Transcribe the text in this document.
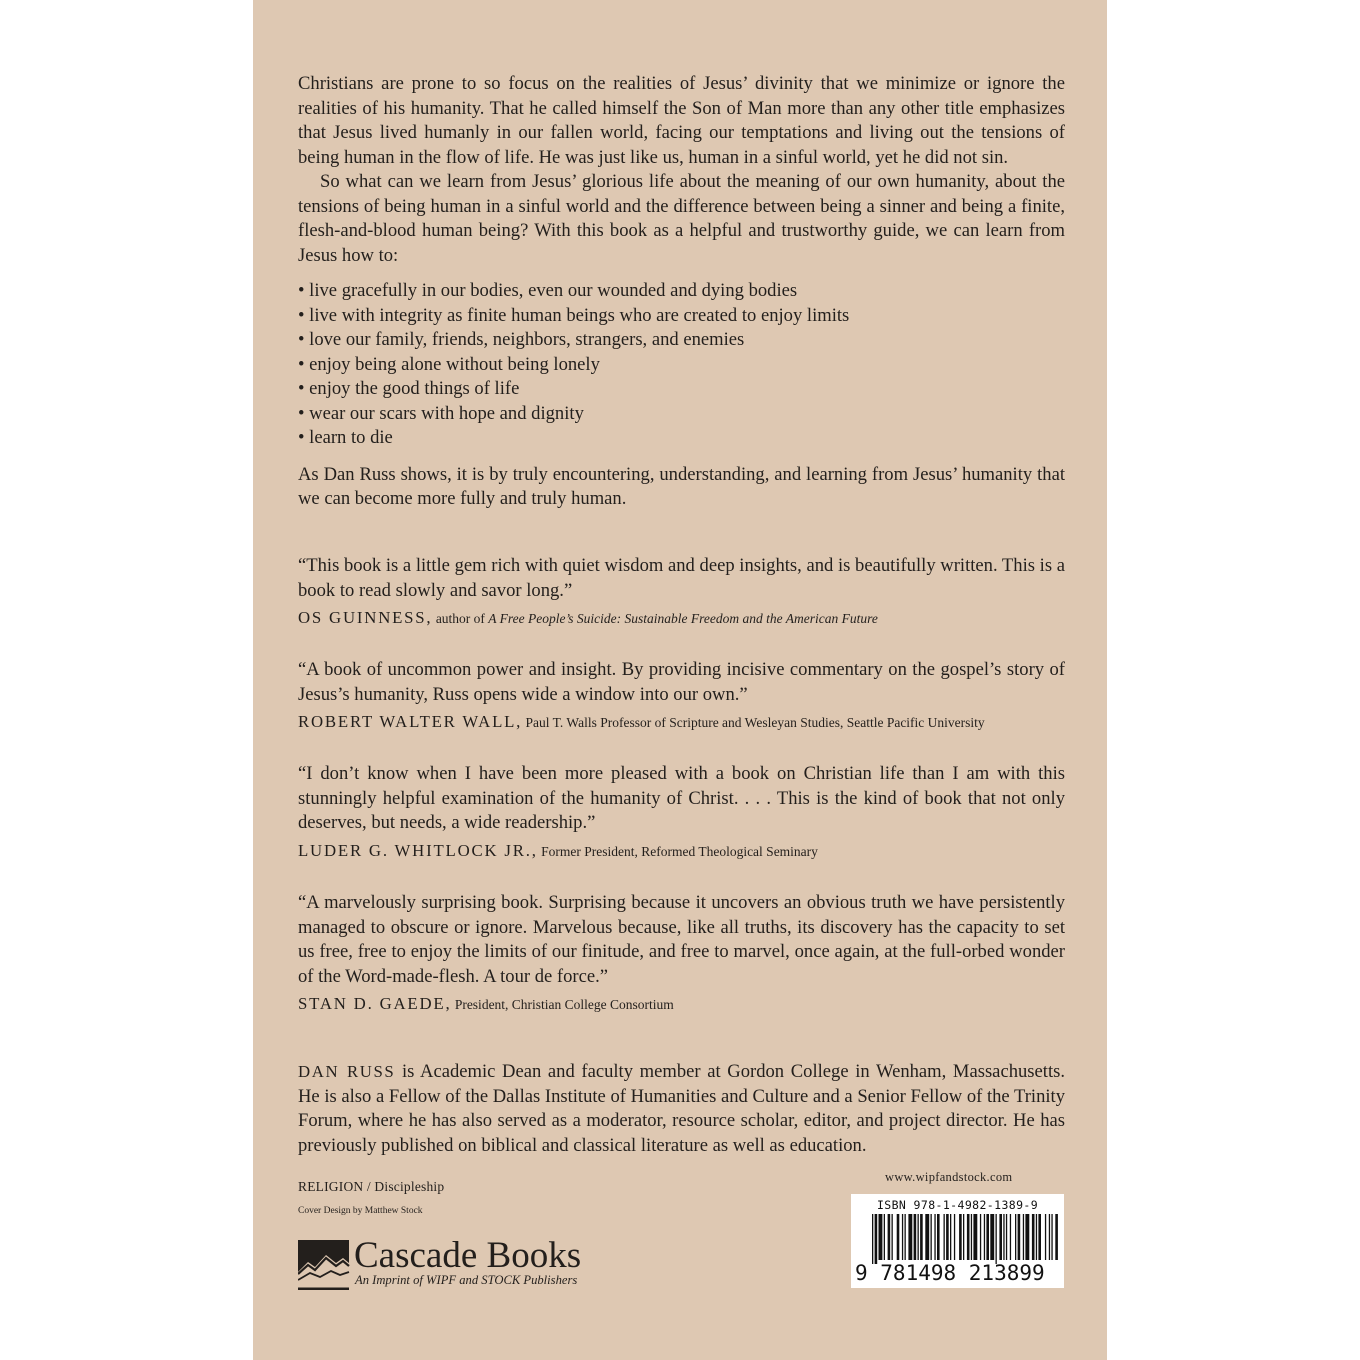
Christians are prone to so focus on the realities of Jesus’ divinity that we minimize or ignore the realities of his humanity. That he called himself the Son of Man more than any other title emphasizes that Jesus lived humanly in our fallen world, facing our temptations and living out the tensions of being human in the flow of life. He was just like us, human in a sinful world, yet he did not sin.

So what can we learn from Jesus’ glorious life about the meaning of our own humanity, about the tensions of being human in a sinful world and the difference between being a sinner and being a finite, flesh-and-blood human being? With this book as a helpful and trustworthy guide, we can learn from Jesus how to:

• live gracefully in our bodies, even our wounded and dying bodies
• live with integrity as finite human beings who are created to enjoy limits
• love our family, friends, neighbors, strangers, and enemies
• enjoy being alone without being lonely
• enjoy the good things of life
• wear our scars with hope and dignity
• learn to die

As Dan Russ shows, it is by truly encountering, understanding, and learning from Jesus’ humanity that we can become more fully and truly human.

“This book is a little gem rich with quiet wisdom and deep insights, and is beautifully written. This is a book to read slowly and savor long.”

OS GUINNESS, author of A Free People’s Suicide: Sustainable Freedom and the American Future

“A book of uncommon power and insight. By providing incisive commentary on the gospel’s story of Jesus’s humanity, Russ opens wide a window into our own.”

ROBERT WALTER WALL, Paul T. Walls Professor of Scripture and Wesleyan Studies, Seattle Pacific University

“I don’t know when I have been more pleased with a book on Christian life than I am with this stunningly helpful examination of the humanity of Christ. . . . This is the kind of book that not only deserves, but needs, a wide readership.”

LUDER G. WHITLOCK JR., Former President, Reformed Theological Seminary

“A marvelously surprising book. Surprising because it uncovers an obvious truth we have persistently managed to obscure or ignore. Marvelous because, like all truths, its discovery has the capacity to set us free, free to enjoy the limits of our finitude, and free to marvel, once again, at the full-orbed wonder of the Word-made-flesh. A tour de force.”

STAN D. GAEDE, President, Christian College Consortium

DAN RUSS is Academic Dean and faculty member at Gordon College in Wenham, Massachusetts. He is also a Fellow of the Dallas Institute of Humanities and Culture and a Senior Fellow of the Trinity Forum, where he has also served as a moderator, resource scholar, editor, and project director. He has previously published on biblical and classical literature as well as education.

RELIGION / Discipleship
Cover Design by Matthew Stock
Cascade Books
An Imprint of WIPF and STOCK Publishers
www.wipfandstock.com
ISBN 978-1-4982-1389-9
9 781498 213899
